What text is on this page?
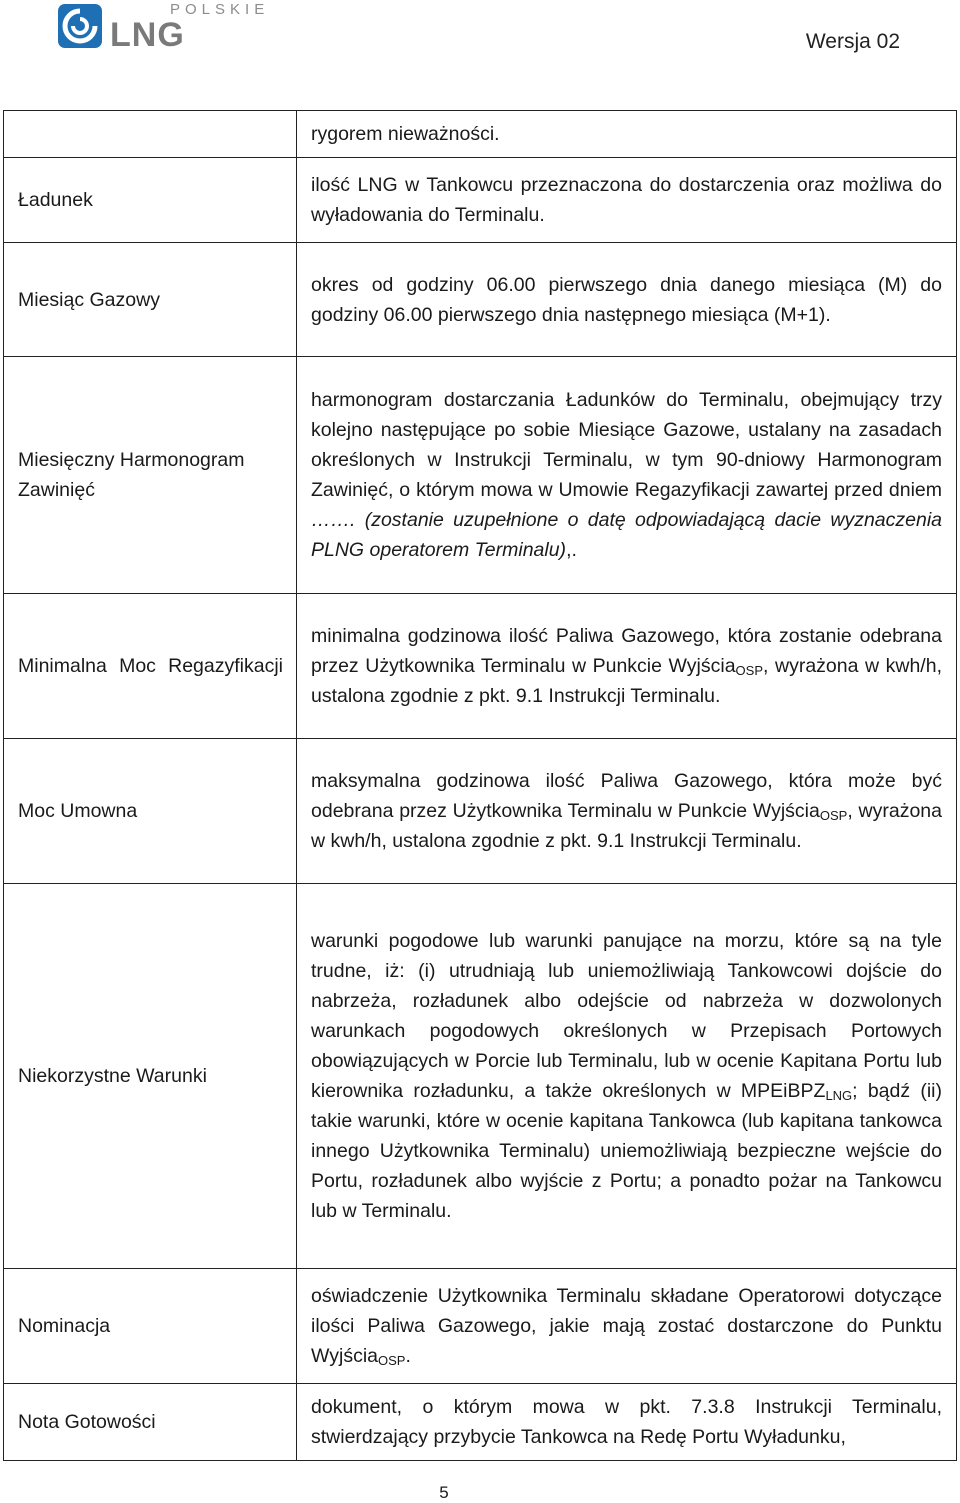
POLSKIE
LNG	Wersja 02
	rygorem nieważności.
Ładunek	ilość LNG w Tankowcu przeznaczona do dostarczenia oraz możliwa do wyładowania do Terminalu.
Miesiąc Gazowy	okres od godziny 06.00 pierwszego dnia danego miesiąca (M) do godziny 06.00 pierwszego dnia następnego miesiąca (M+1).
Miesięczny Harmonogram Zawinięć	harmonogram dostarczania Ładunków do Terminalu, obejmujący trzy kolejno następujące po sobie Miesiące Gazowe, ustalany na zasadach określonych w Instrukcji Terminalu, w tym 90-dniowy Harmonogram Zawinięć, o którym mowa w Umowie Regazyfikacji zawartej przed dniem ……. (zostanie uzupełnione o datę odpowiadającą dacie wyznaczenia PLNG operatorem Terminalu),.
Minimalna Moc Regazyfikacji	minimalna godzinowa ilość Paliwa Gazowego, która zostanie odebrana przez Użytkownika Terminalu w Punkcie Wyjścia$_{OSP}$, wyrażona w kwh/h, ustalona zgodnie z pkt. 9.1 Instrukcji Terminalu.
Moc Umowna	maksymalna godzinowa ilość Paliwa Gazowego, która może być odebrana przez Użytkownika Terminalu w Punkcie Wyjścia$_{OSP}$, wyrażona w kwh/h, ustalona zgodnie z pkt. 9.1 Instrukcji Terminalu.
Niekorzystne Warunki	warunki pogodowe lub warunki panujące na morzu, które są na tyle trudne, iż: (i) utrudniają lub uniemożliwiają Tankowcowi dojście do nabrzeża, rozładunek albo odejście od nabrzeża w dozwolonych warunkach pogodowych określonych w Przepisach Portowych obowiązujących w Porcie lub Terminalu, lub w ocenie Kapitana Portu lub kierownika rozładunku, a także określonych w MPEiBPZ$_{LNG}$; bądź (ii) takie warunki, które w ocenie kapitana Tankowca (lub kapitana tankowca innego Użytkownika Terminalu) uniemożliwiają bezpieczne wejście do Portu, rozładunek albo wyjście z Portu; a ponadto pożar na Tankowcu lub w Terminalu.
Nominacja	oświadczenie Użytkownika Terminalu składane Operatorowi dotyczące ilości Paliwa Gazowego, jakie mają zostać dostarczone do Punktu Wyjścia$_{OSP}$.
Nota Gotowości	dokument, o którym mowa w pkt. 7.3.8 Instrukcji Terminalu, stwierdzający przybycie Tankowca na Redę Portu Wyładunku,
5
